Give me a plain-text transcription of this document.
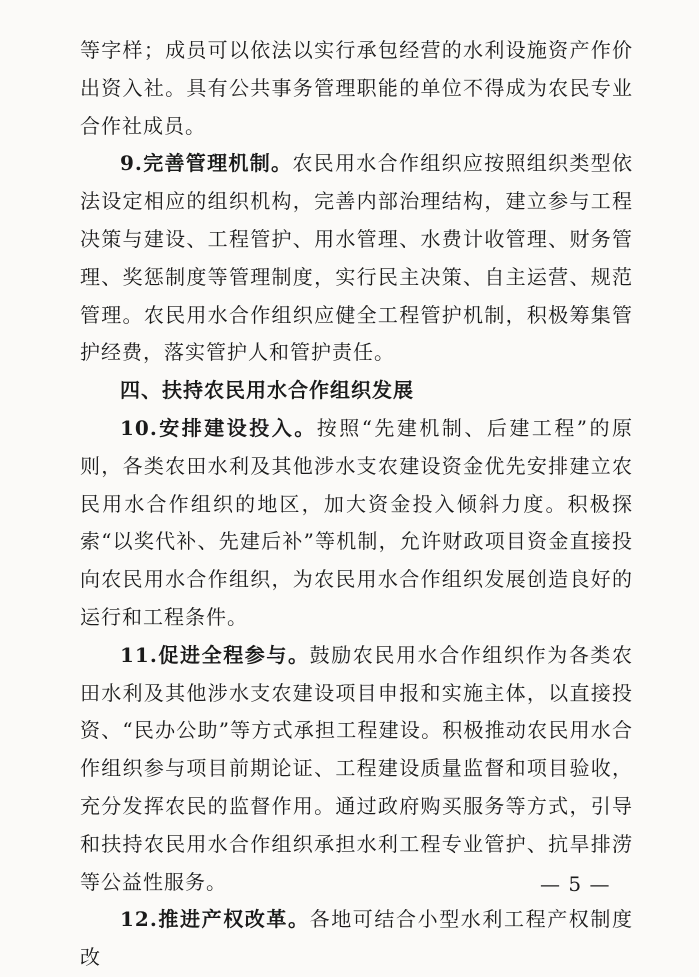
等字样；成员可以依法以实行承包经营的水利设施资产作价出资入社。具有公共事务管理职能的单位不得成为农民专业合作社成员。

9.完善管理机制。农民用水合作组织应按照组织类型依法设定相应的组织机构，完善内部治理结构，建立参与工程决策与建设、工程管护、用水管理、水费计收管理、财务管理、奖惩制度等管理制度，实行民主决策、自主运营、规范管理。农民用水合作组织应健全工程管护机制，积极筹集管护经费，落实管护人和管护责任。

四、扶持农民用水合作组织发展

10.安排建设投入。按照“先建机制、后建工程”的原则，各类农田水利及其他涉水支农建设资金优先安排建立农民用水合作组织的地区，加大资金投入倾斜力度。积极探索“以奖代补、先建后补”等机制，允许财政项目资金直接投向农民用水合作组织，为农民用水合作组织发展创造良好的运行和工程条件。

11.促进全程参与。鼓励农民用水合作组织作为各类农田水利及其他涉水支农建设项目申报和实施主体，以直接投资、“民办公助”等方式承担工程建设。积极推动农民用水合作组织参与项目前期论证、工程建设质量监督和项目验收，充分发挥农民的监督作用。通过政府购买服务等方式，引导和扶持农民用水合作组织承担水利工程专业管护、抗旱排涝等公益性服务。

12.推进产权改革。各地可结合小型水利工程产权制度改

— 5 —
